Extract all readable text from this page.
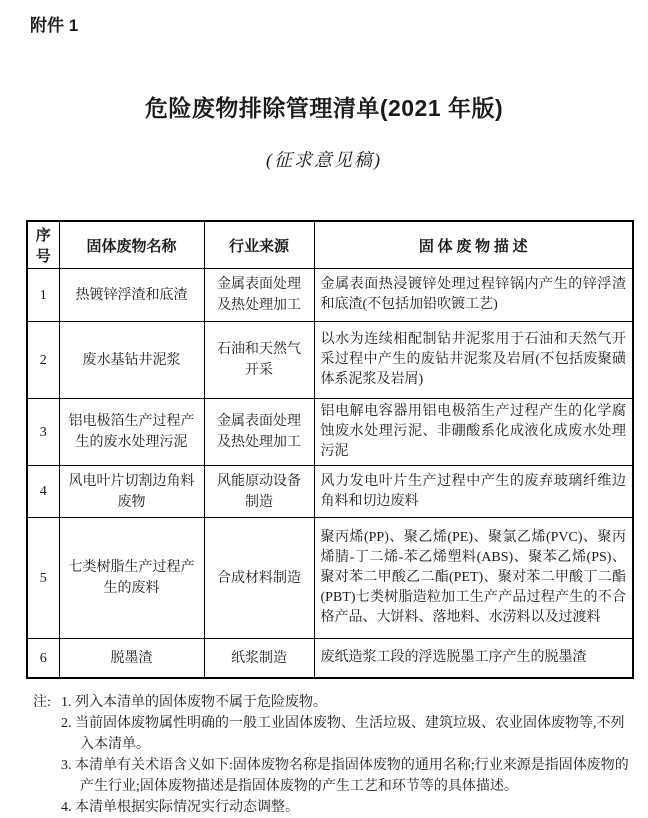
附件 1
危险废物排除管理清单(2021 年版)
(征求意见稿)
序号	固体废物名称	行业来源	固 体 废 物 描 述
1	热镀锌浮渣和底渣	金属表面处理及热处理加工	金属表面热浸镀锌处理过程锌锅内产生的锌浮渣和底渣(不包括加铅吹镀工艺)
2	废水基钻井泥浆	石油和天然气开采	以水为连续相配制钻井泥浆用于石油和天然气开采过程中产生的废钻井泥浆及岩屑(不包括废聚磺体系泥浆及岩屑)
3	铝电极箔生产过程产生的废水处理污泥	金属表面处理及热处理加工	铝电解电容器用铝电极箔生产过程产生的化学腐蚀废水处理污泥、非硼酸系化成液化成废水处理污泥
4	风电叶片切割边角料废物	风能原动设备制造	风力发电叶片生产过程中产生的废弃玻璃纤维边角料和切边废料
5	七类树脂生产过程产生的废料	合成材料制造	聚丙烯(PP)、聚乙烯(PE)、聚氯乙烯(PVC)、聚丙烯腈-丁二烯-苯乙烯塑料(ABS)、聚苯乙烯(PS)、聚对苯二甲酸乙二酯(PET)、聚对苯二甲酸丁二酯(PBT)七类树脂造粒加工生产产品过程产生的不合格产品、大饼料、落地料、水涝料以及过渡料
6	脱墨渣	纸浆制造	废纸造浆工段的浮选脱墨工序产生的脱墨渣
注: 1. 列入本清单的固体废物不属于危险废物。
2. 当前固体废物属性明确的一般工业固体废物、生活垃圾、建筑垃圾、农业固体废物等,不列入本清单。
3. 本清单有关术语含义如下:固体废物名称是指固体废物的通用名称;行业来源是指固体废物的产生行业;固体废物描述是指固体废物的产生工艺和环节等的具体描述。
4. 本清单根据实际情况实行动态调整。
